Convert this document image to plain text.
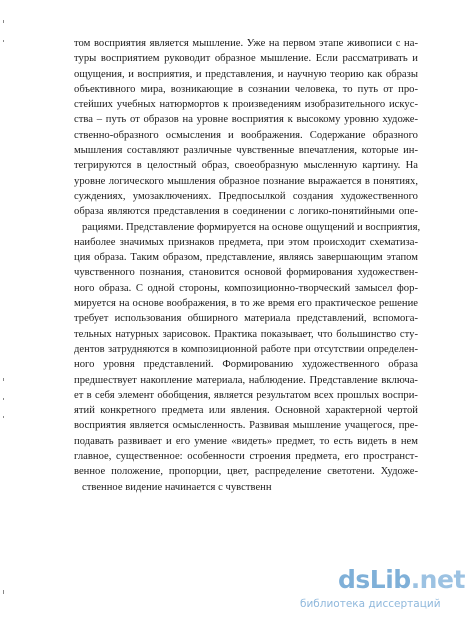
том восприятия является мышление. Уже на первом этапе живописи с на-
туры восприятием руководит образное мышление. Если рассматривать и
ощущения, и восприятия, и представления, и научную теорию как образы
объективного мира, возникающие в сознании человека, то путь от про-
стейших учебных натюрмортов к произведениям изобразительного искус-
ства – путь от образов на уровне восприятия к высокому уровню художе-
ственно-образного осмысления и воображения. Содержание образного
мышления составляют различные чувственные впечатления, которые ин-
тегрируются в целостный образ, своеобразную мысленную картину. На
уровне логического мышления образное познание выражается в понятиях,
суждениях, умозаключениях. Предпосылкой создания художественного
образа являются представления в соединении с логико-понятийными опе-
рациями. Представление формируется на основе ощущений и восприятия,
наиболее значимых признаков предмета, при этом происходит схематиза-
ция образа. Таким образом, представление, являясь завершающим этапом
чувственного познания, становится основой формирования художествен-
ного образа. С одной стороны, композиционно-творческий замысел фор-
мируется на основе воображения, в то же время его практическое решение
требует использования обширного материала представлений, вспомога-
тельных натурных зарисовок. Практика показывает, что большинство сту-
дентов затрудняются в композиционной работе при отсутствии определен-
ного уровня представлений. Формированию художественного образа
предшествует накопление материала, наблюдение. Представление включа-
ет в себя элемент обобщения, является результатом всех прошлых воспри-
ятий конкретного предмета или явления. Основной характерной чертой
восприятия является осмысленность. Развивая мышление учащегося, пре-
подавать развивает и его умение «видеть» предмет, то есть видеть в нем
главное, существенное: особенности строения предмета, его пространст-
венное положение, пропорции, цвет, распределение светотени. Художе-
ственное видение начинается с чувственн
dsLib.net
библиотека диссертаций
